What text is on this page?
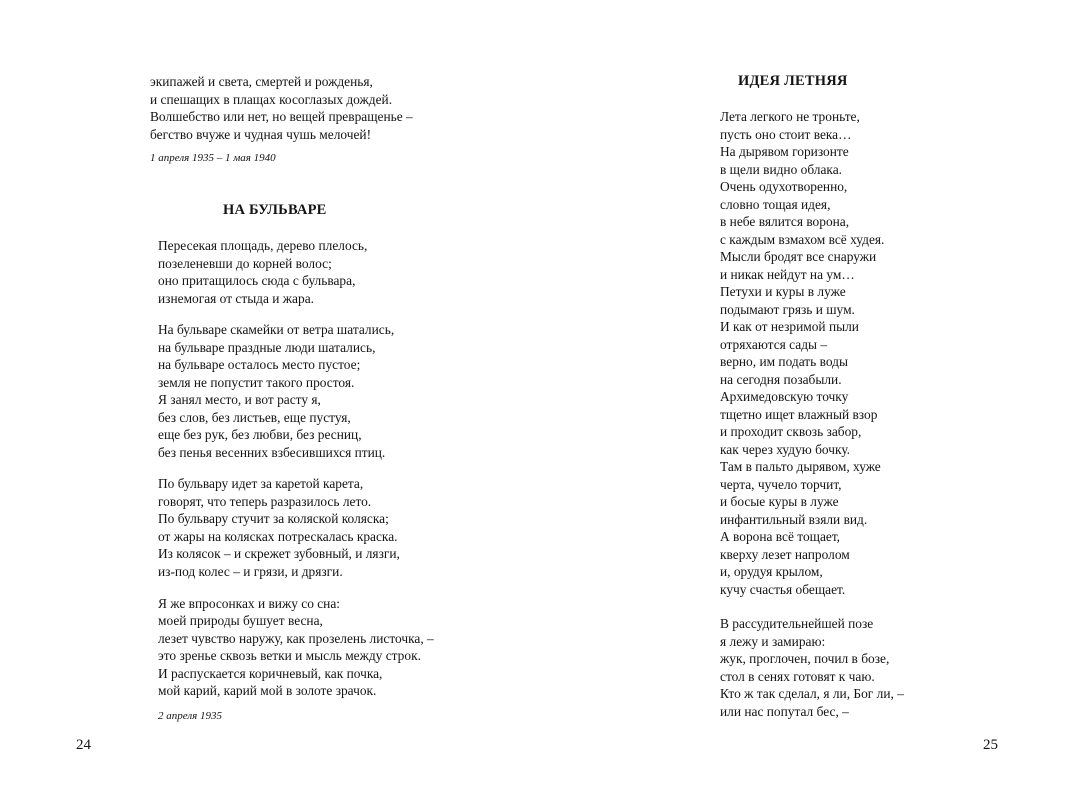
экипажей и света, смертей и рожденья,
и спешащих в плащах косоглазых дождей.
Волшебство или нет, но вещей превращенье –
бегство вчуже и чудная чушь мелочей!
1 апреля 1935 – 1 мая 1940
НА БУЛЬВАРЕ
Пересекая площадь, дерево плелось,
позеленевши до корней волос;
оно притащилось сюда с бульвара,
изнемогая от стыда и жара.
На бульваре скамейки от ветра шатались,
на бульваре праздные люди шатались,
на бульваре осталось место пустое;
земля не попустит такого простоя.
Я занял место, и вот расту я,
без слов, без листьев, еще пустуя,
еще без рук, без любви, без ресниц,
без пенья весенних взбесившихся птиц.
По бульвару идет за каретой карета,
говорят, что теперь разразилось лето.
По бульвару стучит за коляской коляска;
от жары на колясках потрескалась краска.
Из колясок – и скрежет зубовный, и лязги,
из-под колес – и грязи, и дрязги.
Я же впросонках и вижу со сна:
моей природы бушует весна,
лезет чувство наружу, как прозелень листочка, –
это зренье сквозь ветки и мысль между строк.
И распускается коричневый, как почка,
мой карий, карий мой в золоте зрачок.
2 апреля 1935
24
ИДЕЯ ЛЕТНЯЯ
Лета легкого не троньте,
пусть оно стоит века…
На дырявом горизонте
в щели видно облака.
Очень одухотворенно,
словно тощая идея,
в небе вялится ворона,
с каждым взмахом всё худея.
Мысли бродят все снаружи
и никак нейдут на ум…
Петухи и куры в луже
подымают грязь и шум.
И как от незримой пыли
отряхаются сады –
верно, им подать воды
на сегодня позабыли.
Архимедовскую точку
тщетно ищет влажный взор
и проходит сквозь забор,
как через худую бочку.
Там в пальто дырявом, хуже
черта, чучело торчит,
и босые куры в луже
инфантильный взяли вид.
А ворона всё тощает,
кверху лезет напролом
и, орудуя крылом,
кучу счастья обещает.
В рассудительнейшей позе
я лежу и замираю:
жук, проглочен, почил в бозе,
стол в сенях готовят к чаю.
Кто ж так сделал, я ли, Бог ли, –
или нас попутал бес, –
25
